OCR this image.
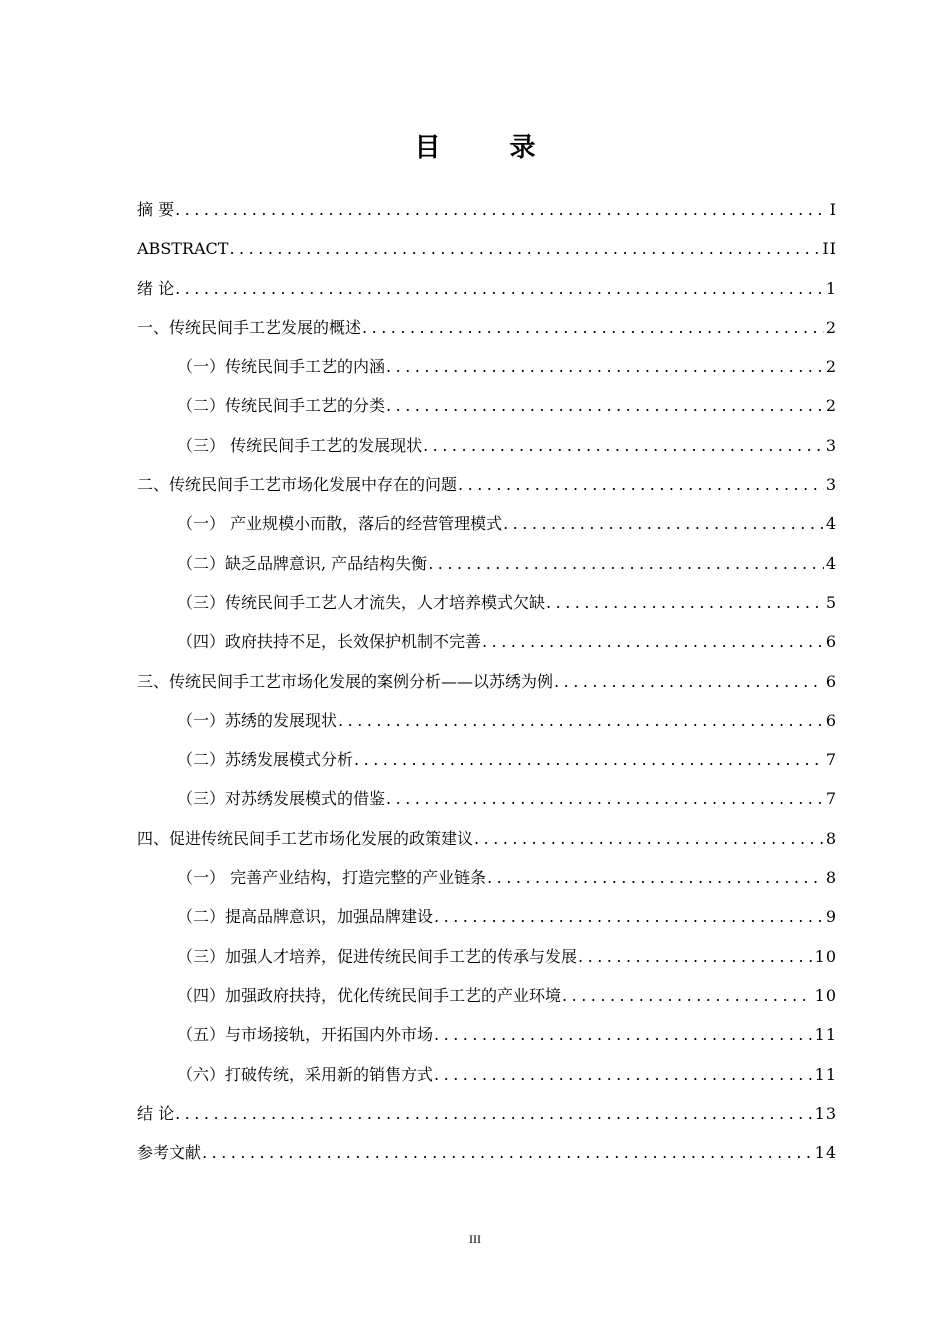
目 录
摘 要 .....	I
ABSTRACT .....	II
绪 论 .....	1
一、传统民间手工艺发展的概述 .....	2
（一）传统民间手工艺的内涵 .....	2
（二）传统民间手工艺的分类 .....	2
（三） 传统民间手工艺的发展现状 .....	3
二、传统民间手工艺市场化发展中存在的问题 .....	3
（一） 产业规模小而散，落后的经营管理模式 .....	4
（二）缺乏品牌意识, 产品结构失衡 .....	4
（三）传统民间手工艺人才流失，人才培养模式欠缺 .....	5
（四）政府扶持不足，长效保护机制不完善 .....	6
三、传统民间手工艺市场化发展的案例分析——以苏绣为例 .....	6
（一）苏绣的发展现状 .....	6
（二）苏绣发展模式分析 .....	7
（三）对苏绣发展模式的借鉴 .....	7
四、促进传统民间手工艺市场化发展的政策建议 .....	8
（一） 完善产业结构，打造完整的产业链条 .....	8
（二）提高品牌意识，加强品牌建设 .....	9
（三）加强人才培养，促进传统民间手工艺的传承与发展 .....	10
（四）加强政府扶持，优化传统民间手工艺的产业环境 .....	10
（五）与市场接轨，开拓国内外市场 .....	11
（六）打破传统，采用新的销售方式 .....	11
结 论 .....	13
参考文献 .....	14
III
